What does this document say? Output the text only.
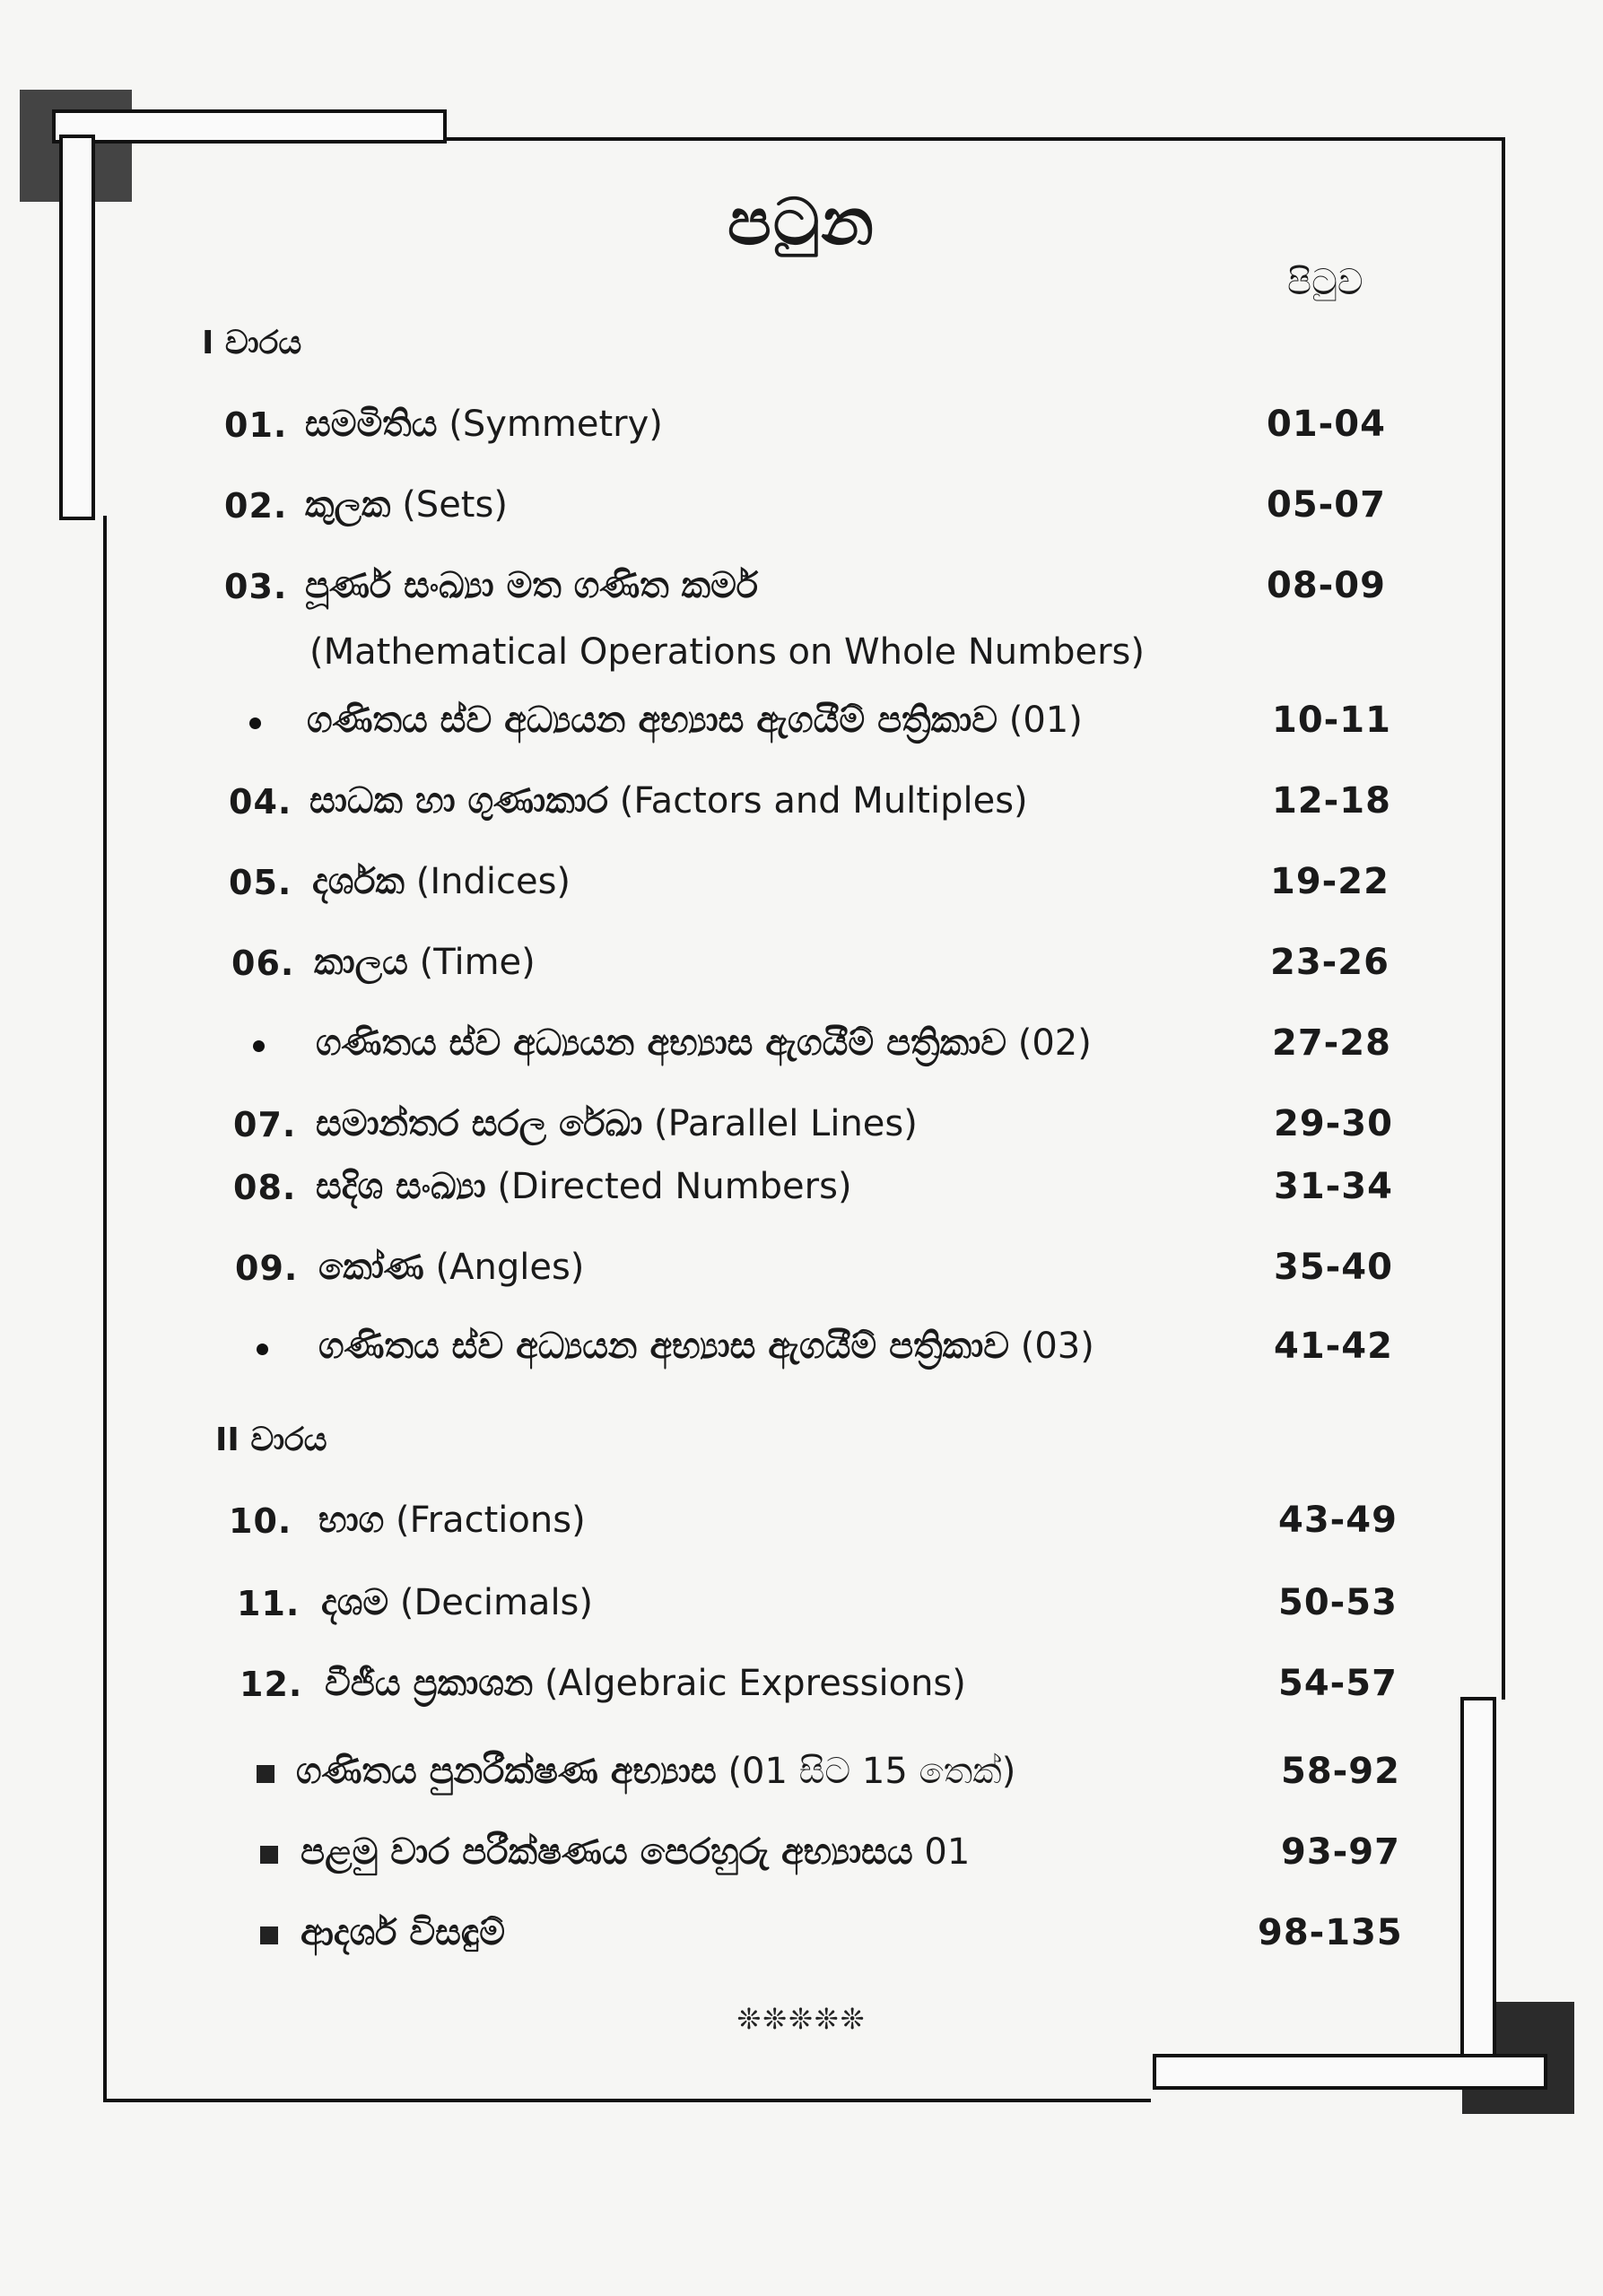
පටුන
පිටුව
I වාරය
II වාරය
01. සමමිතිය (Symmetry)	01-04
02. කුලක (Sets)	05-07
03. පූර්ණ සංඛ්‍යා මත ගණිත කර්ම	08-09
(Mathematical Operations on Whole Numbers)
ගණිතය ස්ව අධ්‍යයන අභ්‍යාස ඇගයීම් පත්‍රිකාව (01)	10-11
04. සාධක හා ගුණාකාර (Factors and Multiples)	12-18
05. දර්ශක (Indices)	19-22
06. කාලය (Time)	23-26
ගණිතය ස්ව අධ්‍යයන අභ්‍යාස ඇගයීම් පත්‍රිකාව (02)	27-28
07. සමාන්තර සරල රේඛා (Parallel Lines)	29-30
08. සදිශ සංඛ්‍යා (Directed Numbers)	31-34
09. කෝණ (Angles)	35-40
ගණිතය ස්ව අධ්‍යයන අභ්‍යාස ඇගයීම් පත්‍රිකාව (03)	41-42
10. භාග (Fractions)	43-49
11. දශම (Decimals)	50-53
12. වීජීය ප්‍රකාශන (Algebraic Expressions)	54-57
ගණිතය පුනරීක්ෂණ අභ්‍යාස (01 සිට 15 තෙක්)	58-92
පළමු වාර පරීක්ෂණය පෙරහුරු අභ්‍යාසය 01	93-97
ආදර්ශ විසඳුම්	98-135
❊❊❊❊❊
